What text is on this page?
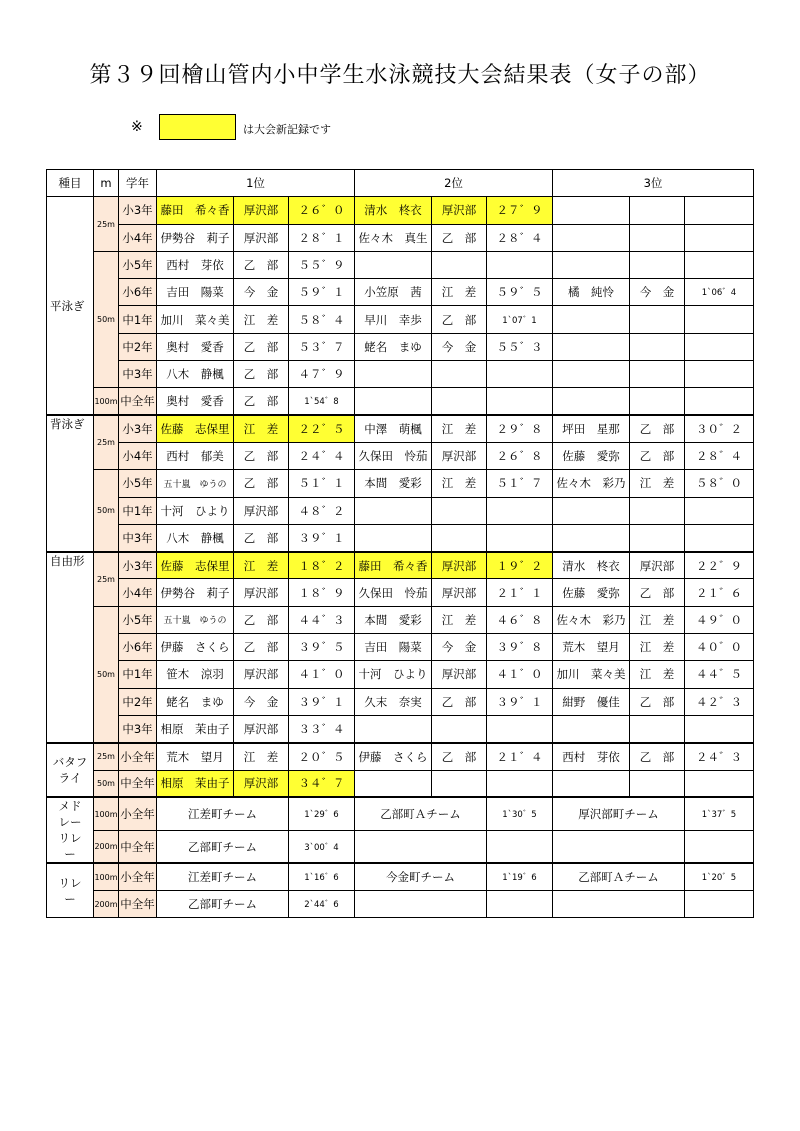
第３９回檜山管内小中学生水泳競技大会結果表（女子の部）
※	は大会新記録です
種目	m	学年	1位			2位			3位		
平泳ぎ	25m	小3年	藤田　希々香	厚沢部	２６゛０	清水　柊衣	厚沢部	２７゛９			
		小4年	伊勢谷　莉子	厚沢部	２８゛１	佐々木　真生	乙　部	２８゛４			
	50m	小5年	西村　芽依	乙　部	５５゛９						
		小6年	吉田　陽菜	今　金	５９゛１	小笠原　茜	江　差	５９゛５	橘　純怜	今　金	1`06゛4
		中1年	加川　菜々美	江　差	５８゛４	早川　幸歩	乙　部	1`07゛1			
		中2年	奥村　愛香	乙　部	５３゛７	蛯名　まゆ	今　金	５５゛３			
		中3年	八木　静楓	乙　部	４７゛９						
	100m	中全年	奥村　愛香	乙　部	1`54゛8						
背泳ぎ	25m	小3年	佐藤　志保里	江　差	２２゛５	中澤　萌楓	江　差	２９゛８	坪田　星那	乙　部	３０゛２
		小4年	西村　郁美	乙　部	２４゛４	久保田　怜茄	厚沢部	２６゛８	佐藤　愛弥	乙　部	２８゛４
	50m	小5年	五十嵐　ゆうの	乙　部	５１゛１	本間　愛彩	江　差	５１゛７	佐々木　彩乃	江　差	５８゛０
		中1年	十河　ひより	厚沢部	４８゛２						
		中3年	八木　静楓	乙　部	３９゛１						
自由形	25m	小3年	佐藤　志保里	江　差	１８゛２	藤田　希々香	厚沢部	１９゛２	清水　柊衣	厚沢部	２２゛９
		小4年	伊勢谷　莉子	厚沢部	１８゛９	久保田　怜茄	厚沢部	２１゛１	佐藤　愛弥	乙　部	２１゛６
	50m	小5年	五十嵐　ゆうの	乙　部	４４゛３	本間　愛彩	江　差	４６゛８	佐々木　彩乃	江　差	４９゛０
		小6年	伊藤　さくら	乙　部	３９゛５	吉田　陽菜	今　金	３９゛８	荒木　望月	江　差	４０゛０
		中1年	笹木　涼羽	厚沢部	４１゛０	十河　ひより	厚沢部	４１゛０	加川　菜々美	江　差	４４゛５
		中2年	蛯名　まゆ	今　金	３９゛１	久末　奈実	乙　部	３９゛１	紺野　優佳	乙　部	４２゛３
		中3年	相原　茉由子	厚沢部	３３゛４						
バタフライ	25m	小全年	荒木　望月	江　差	２０゛５	伊藤　さくら	乙　部	２１゛４	西村　芽依	乙　部	２４゛３
	50m	中全年	相原　茉由子	厚沢部	３４゛７						
メドレーリレー	100m	小全年	江差町チーム		1`29゛6	乙部町Ａチーム		1`30゛5	厚沢部町チーム		1`37゛5
	200m	中全年	乙部町チーム		3`00゛4						
リレー	100m	小全年	江差町チーム		1`16゛6	今金町チーム		1`19゛6	乙部町Ａチーム		1`20゛5
	200m	中全年	乙部町チーム		2`44゛6						
